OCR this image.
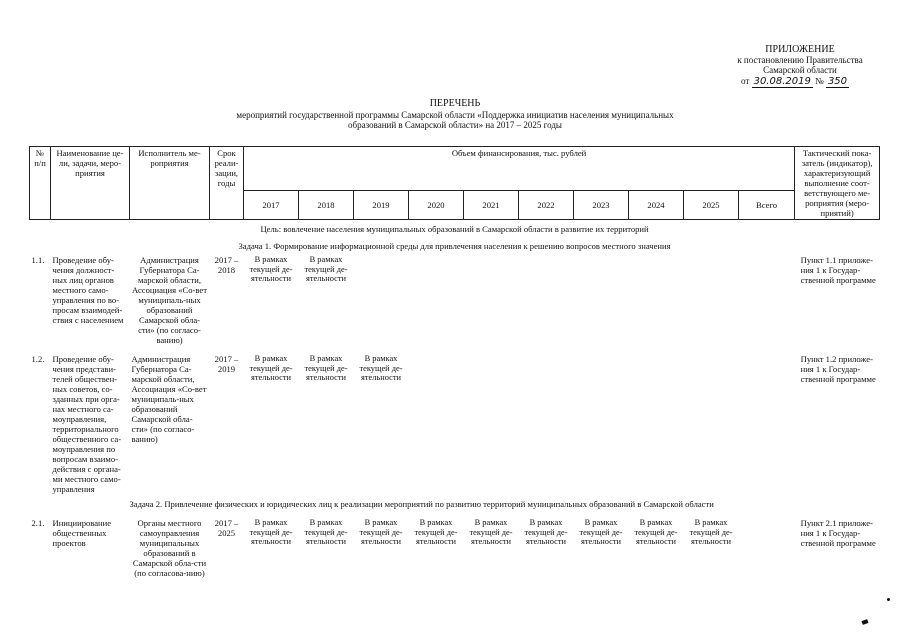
ПРИЛОЖЕНИЕ
к постановлению Правительства
Самарской области
от 30.08.2019 № 350
ПЕРЕЧЕНЬ
мероприятий государственной программы Самарской области «Поддержка инициатив населения муниципальных
образований в Самарской области» на 2017 – 2025 годы
№ п/п	Наименование це-ли, задачи, меро-приятия	Исполнитель ме-роприятия	Срок реали-зации, годы	Объем финансирования, тыс. рублей										Тактический пока-затель (индикатор), характеризующий выполнение соот-ветствующего ме-роприятия (меро-приятий)
				2017	2018	2019	2020	2021	2022	2023	2024	2025	Всего	
Цель: вовлечение населения муниципальных образований в Самарской области в развитие их территорий														
Задача 1. Формирование информационной среды для привлечения населения к решению вопросов местного значения														
1.1.	Проведение обу-чения должност-ных лиц органов местного само-управления по во-просам взаимодей-ствия с населением	Администрация Губернатора Са-марской области, Ассоциация «Со-вет муниципаль-ных образований Самарской обла-сти» (по согласо-ванию)	2017 – 2018	В рамках текущей де-ятельности	В рамках текущей де-ятельности									Пункт 1.1 приложе-ния 1 к Государ-ственной программе
1.2.	Проведение обу-чения представи-телей обществен-ных советов, со-зданных при орга-нах местного са-моуправления, территориального общественного са-моуправления по вопросам взаимо-действия с органа-ми местного само-управления	Администрация Губернатора Са-марской области, Ассоциация «Со-вет муниципаль-ных образований Самарской обла-сти» (по согласо-ванию)	2017 – 2019	В рамках текущей де-ятельности	В рамках текущей де-ятельности	В рамках текущей де-ятельности								Пункт 1.2 приложе-ния 1 к Государ-ственной программе
Задача 2. Привлечение физических и юридических лиц к реализации мероприятий по развитию территорий муниципальных образований в Самарской области														
2.1.	Инициирование общественных проектов	Органы местного самоуправления муниципальных образований в Самарской обла-сти (по согласова-нию)	2017 – 2025	В рамках текущей де-ятельности	В рамках текущей де-ятельности	В рамках текущей де-ятельности	В рамках текущей де-ятельности	В рамках текущей де-ятельности	В рамках текущей де-ятельности	В рамках текущей де-ятельности	В рамках текущей де-ятельности	В рамках текущей де-ятельности		Пункт 2.1 приложе-ния 1 к Государ-ственной программе
